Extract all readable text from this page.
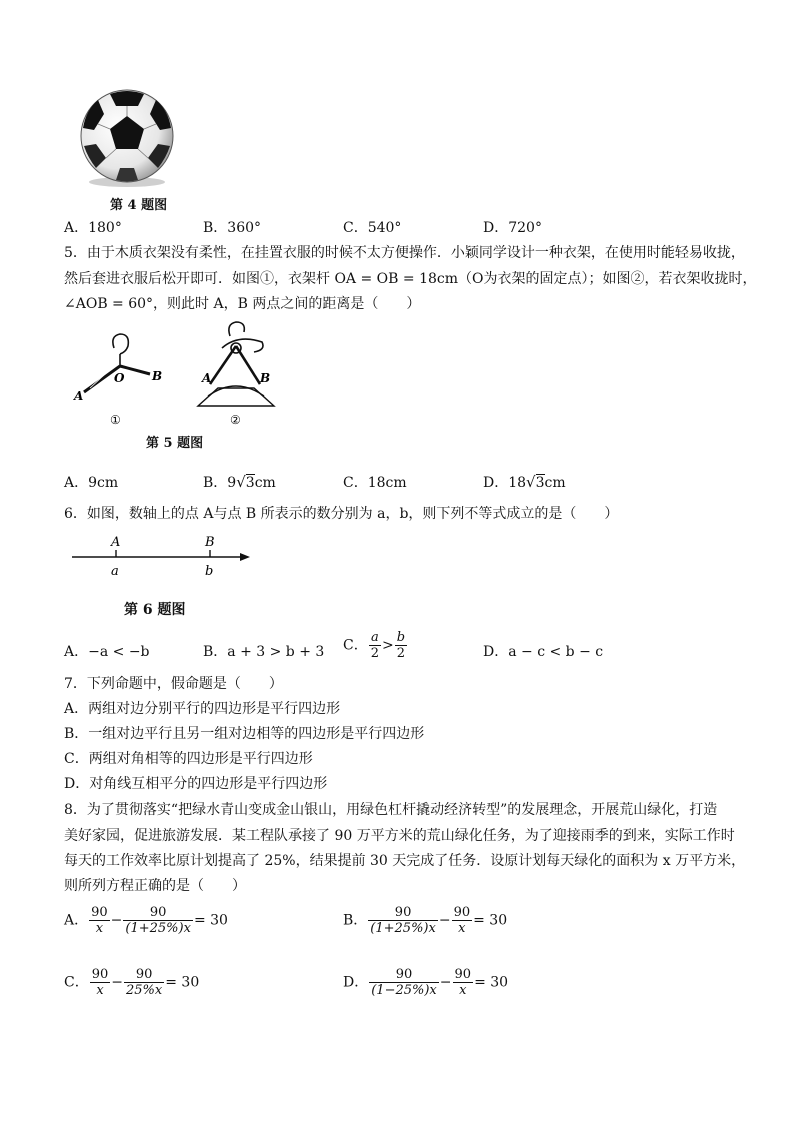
第 4 题图
A．180°	B．360°	C．540°	D．720°
5．由于木质衣架没有柔性，在挂置衣服的时候不太方便操作．小颖同学设计一种衣架，在使用时能轻易收拢，
然后套进衣服后松开即可．如图①，衣架杆 OA = OB = 18cm（O为衣架的固定点）；如图②，若衣架收拢时，
∠AOB = 60°，则此时 A，B 两点之间的距离是（　　）
O
A
B
①
A	B
②
第 5 题图
A．9cm	B．9√3cm	C．18cm	D．18√3cm
6．如图，数轴上的点 A与点 B 所表示的数分别为 a，b，则下列不等式成立的是（　　）
A	B
a	b
第 6 题图
A．−a < −b	B．a + 3 > b + 3 C． $\frac{a}{2} > \frac{b}{2}$	D．a − c < b − c
7．下列命题中，假命题是（　　）
A．两组对边分别平行的四边形是平行四边形
B．一组对边平行且另一组对边相等的四边形是平行四边形
C．两组对角相等的四边形是平行四边形
D．对角线互相平分的四边形是平行四边形
8．为了贯彻落实“把绿水青山变成金山银山，用绿色杠杆撬动经济转型”的发展理念，开展荒山绿化，打造
美好家园，促进旅游发展．某工程队承接了 90 万平方米的荒山绿化任务，为了迎接雨季的到来，实际工作时
每天的工作效率比原计划提高了 25%，结果提前 30 天完成了任务．设原计划每天绿化的面积为 x 万平方米，
则所列方程正确的是（　　）
A． $\frac{90}{x} - \frac{90}{(1+25\%)x} = 30$	B． $\frac{90}{(1+25\%)x} - \frac{90}{x} = 30$
C． $\frac{90}{x} - \frac{90}{25\%x} = 30$	D． $\frac{90}{(1-25\%)x} - \frac{90}{x} = 30$
